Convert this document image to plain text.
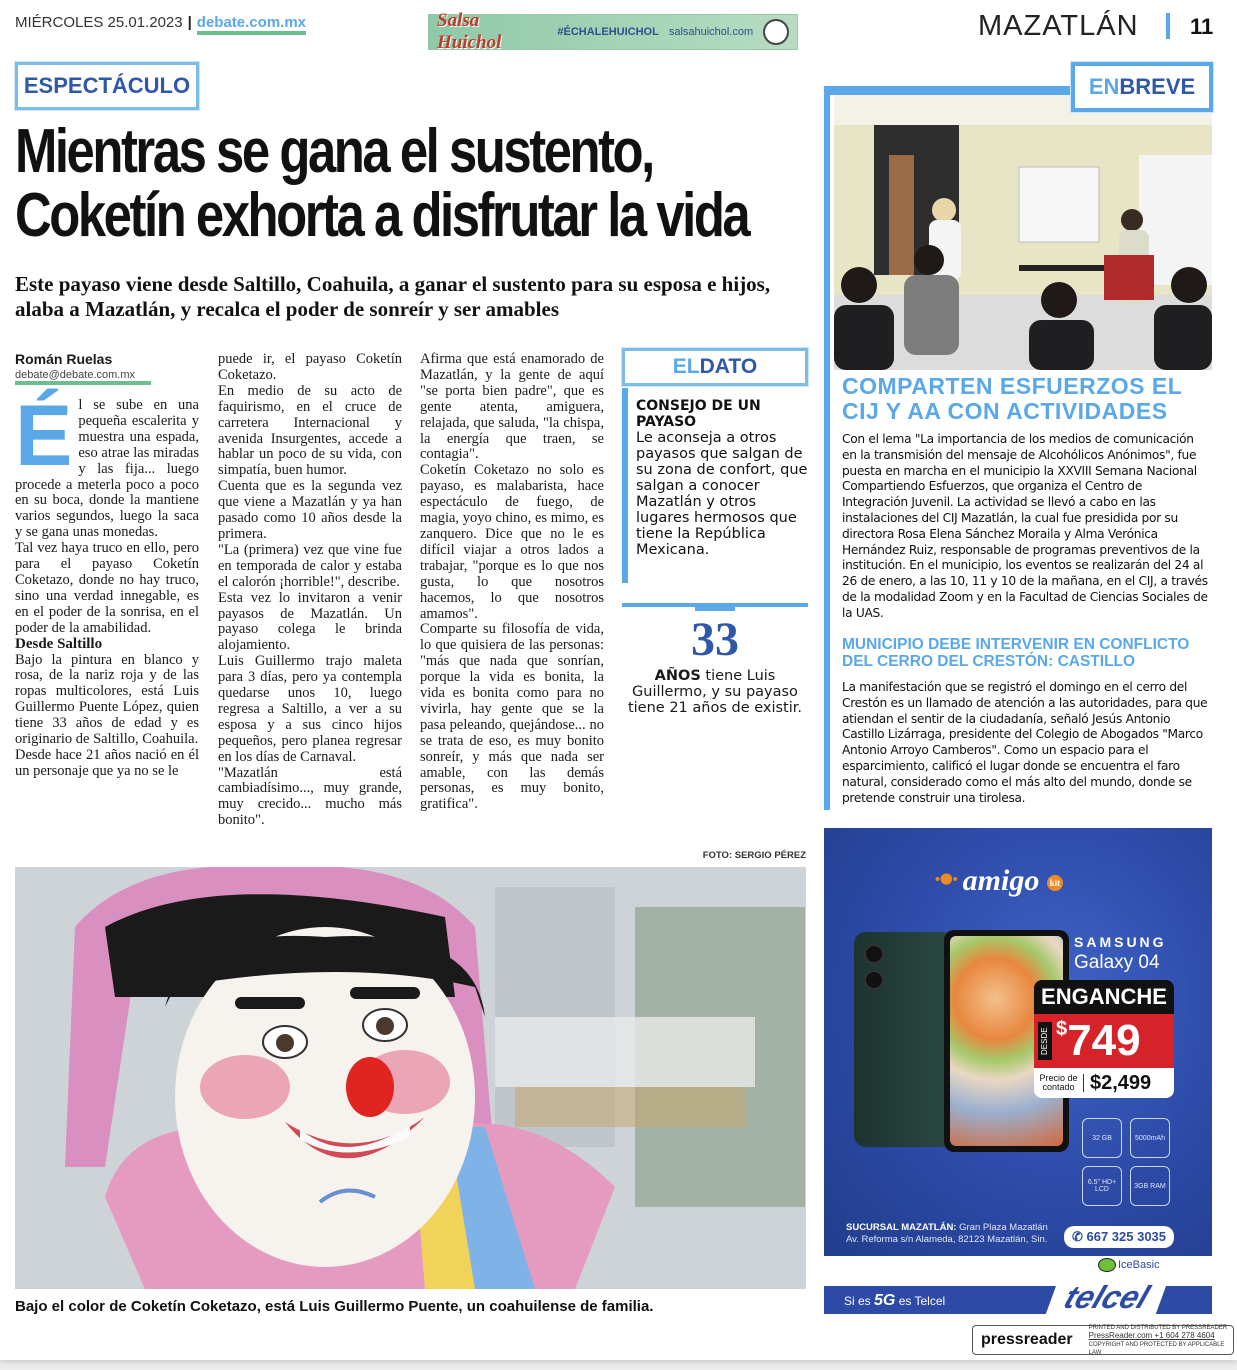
MIÉRCOLES 25.01.2023 | debate.com.mx	Salsa Huichol	#ÉCHALEHUICHOL salsahuichol.com	MAZATLÁN 11
ESPECTÁCULO
Mientras se gana el sustento,
Coketín exhorta a disfrutar la vida
Este payaso viene desde Saltillo, Coahuila, a ganar el sustento para su esposa e hijos, alaba a Mazatlán, y recalca el poder de sonreír y ser amables
Román Ruelas
debate@debate.com.mx
É l se sube en una pequeña escalerita y muestra una espada, eso atrae las miradas y las fija... luego procede a meterla poco a poco en su boca, donde la mantiene varios segundos, luego la saca y se gana unas monedas.

Tal vez haya truco en ello, pero para el payaso Coketín Coketazo, donde no hay truco, sino una verdad innegable, es en el poder de la sonrisa, en el poder de la amabilidad.

Desde Saltillo

Bajo la pintura en blanco y rosa, de la nariz roja y de las ropas multicolores, está Luis Guillermo Puente López, quien tiene 33 años de edad y es originario de Saltillo, Coahuila.

Desde hace 21 años nació en él un personaje que ya no se le

puede ir, el payaso Coketín Coketazo.

En medio de su acto de faquirismo, en el cruce de carretera Internacional y avenida Insurgentes, accede a hablar un poco de su vida, con simpatía, buen humor.

Cuenta que es la segunda vez que viene a Mazatlán y ya han pasado como 10 años desde la primera.

"La (primera) vez que vine fue en temporada de calor y estaba el calorón ¡horrible!", describe.

Esta vez lo invitaron a venir payasos de Mazatlán. Un payaso colega le brinda alojamiento.

Luis Guillermo trajo maleta para 3 días, pero ya contempla quedarse unos 10, luego regresa a Saltillo, a ver a su esposa y a sus cinco hijos pequeños, pero planea regresar en los días de Carnaval.

"Mazatlán está cambiadísimo..., muy grande, muy crecido... mucho más bonito".

Afirma que está enamorado de Mazatlán, y la gente de aquí "se porta bien padre", que es gente atenta, amiguera, relajada, que saluda, "la chispa, la energía que traen, se contagia".

Coketín Coketazo no solo es payaso, es malabarista, hace espectáculo de fuego, de magia, yoyo chino, es mimo, es zanquero. Dice que no le es difícil viajar a otros lados a trabajar, "porque es lo que nos gusta, lo que nosotros hacemos, lo que nosotros amamos".

Comparte su filosofía de vida, lo que quisiera de las personas: "más que nada que sonrían, porque la vida es bonita, la vida es bonita como para no vivirla, hay gente que se la pasa peleando, quejándose... no se trata de eso, es muy bonito sonreír, y más que nada ser amable, con las demás personas, es muy bonito, gratifica".

EL DATO
CONSEJO DE UN PAYASO
Le aconseja a otros payasos que salgan de su zona de confort, que salgan a conocer Mazatlán y otros lugares hermosos que tiene la República Mexicana.
33
AÑOS tiene Luis Guillermo, y su payaso tiene 21 años de existir.
FOTO: SERGIO PÉREZ
Bajo el color de Coketín Coketazo, está Luis Guillermo Puente, un coahuilense de familia.
EN BREVE
COMPARTEN ESFUERZOS EL CIJ Y AA CON ACTIVIDADES
Con el lema "La importancia de los medios de comunicación en la transmisión del mensaje de Alcohólicos Anónimos", fue puesta en marcha en el municipio la XXVIII Semana Nacional Compartiendo Esfuerzos, que organiza el Centro de Integración Juvenil. La actividad se llevó a cabo en las instalaciones del CIJ Mazatlán, la cual fue presidida por su directora Rosa Elena Sánchez Moraila y Alma Verónica Hernández Ruiz, responsable de programas preventivos de la institución. En el municipio, los eventos se realizarán del 24 al 26 de enero, a las 10, 11 y 10 de la mañana, en el CIJ, a través de la modalidad Zoom y en la Facultad de Ciencias Sociales de la UAS.
MUNICIPIO DEBE INTERVENIR EN CONFLICTO DEL CERRO DEL CRESTÓN: CASTILLO
La manifestación que se registró el domingo en el cerro del Crestón es un llamado de atención a las autoridades, para que atiendan el sentir de la ciudadanía, señaló Jesús Antonio Castillo Lizárraga, presidente del Colegio de Abogados "Marco Antonio Arroyo Camberos". Como un espacio para el esparcimiento, calificó el lugar donde se encuentra el faro natural, considerado como el más alto del mundo, donde se pretende construir una tirolesa.
ꔹ amigo kit
SAMSUNG
Galaxy 04
ENGANCHE
DESDE $749
Precio de contado $2,499
32 GB	5000mAh
6.5" HD+ LCD	3GB RAM
SUCURSAL MAZATLÁN: Gran Plaza Mazatlán
Av. Reforma s/n Alameda, 82123 Mazatlán, Sin.	✆ 667 325 3035
IceBasic
Si es 5G es Telcel	telcel
pressreader
PRINTED AND DISTRIBUTED BY PRESSREADER
PressReader.com +1 604 278 4604
COPYRIGHT AND PROTECTED BY APPLICABLE LAW
